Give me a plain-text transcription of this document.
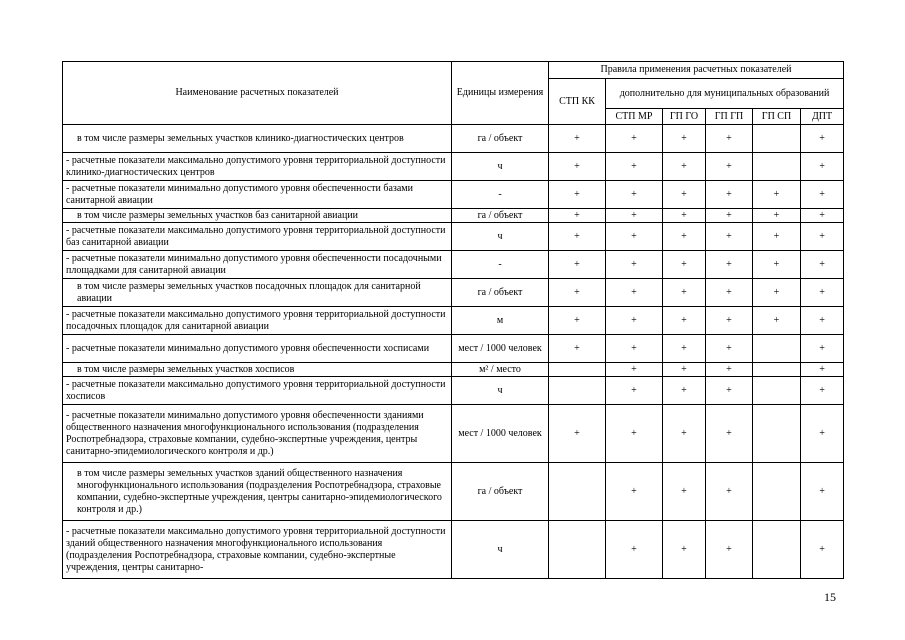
Наименование расчетных показателей	Единицы измерения	Правила применения расчетных показателей					
		СТП КК	дополнительно для муниципальных образований				
			СТП МР	ГП ГО	ГП ГП	ГП СП	ДПТ
в том числе размеры земельных участков клинико-диагностических центров	га / объект	+	+	+	+		+
- расчетные показатели максимально допустимого уровня территориальной доступности клинико-диагностических центров	ч	+	+	+	+		+
- расчетные показатели минимально допустимого уровня обеспеченности базами санитарной авиации	-	+	+	+	+	+	+
в том числе размеры земельных участков баз санитарной авиации	га / объект	+	+	+	+	+	+
- расчетные показатели максимально допустимого уровня территориальной доступности баз санитарной авиации	ч	+	+	+	+	+	+
- расчетные показатели минимально допустимого уровня обеспеченности посадочными площадками для санитарной авиации	-	+	+	+	+	+	+
в том числе размеры земельных участков посадочных площадок для санитарной авиации	га / объект	+	+	+	+	+	+
- расчетные показатели максимально допустимого уровня территориальной доступности посадочных площадок для санитарной авиации	м	+	+	+	+	+	+
- расчетные показатели минимально допустимого уровня обеспеченности хосписами	мест / 1000 человек	+	+	+	+		+
в том числе размеры земельных участков хосписов	м² / место		+	+	+		+
- расчетные показатели максимально допустимого уровня территориальной доступности хосписов	ч		+	+	+		+
- расчетные показатели минимально допустимого уровня обеспеченности зданиями общественного назначения многофункционального использования (подразделения Роспотребнадзора, страховые компании, судебно-экспертные учреждения, центры санитарно-эпидемиологического контроля и др.)	мест / 1000 человек	+	+	+	+		+
в том числе размеры земельных участков зданий общественного назначения многофункционального использования (подразделения Роспотребнадзора, страховые компании, судебно-экспертные учреждения, центры санитарно-эпидемиологического контроля и др.)	га / объект		+	+	+		+
- расчетные показатели максимально допустимого уровня территориальной доступности зданий общественного назначения многофункционального использования (подразделения Роспотребнадзора, страховые компании, судебно-экспертные учреждения, центры санитарно-	ч		+	+	+		+
15
